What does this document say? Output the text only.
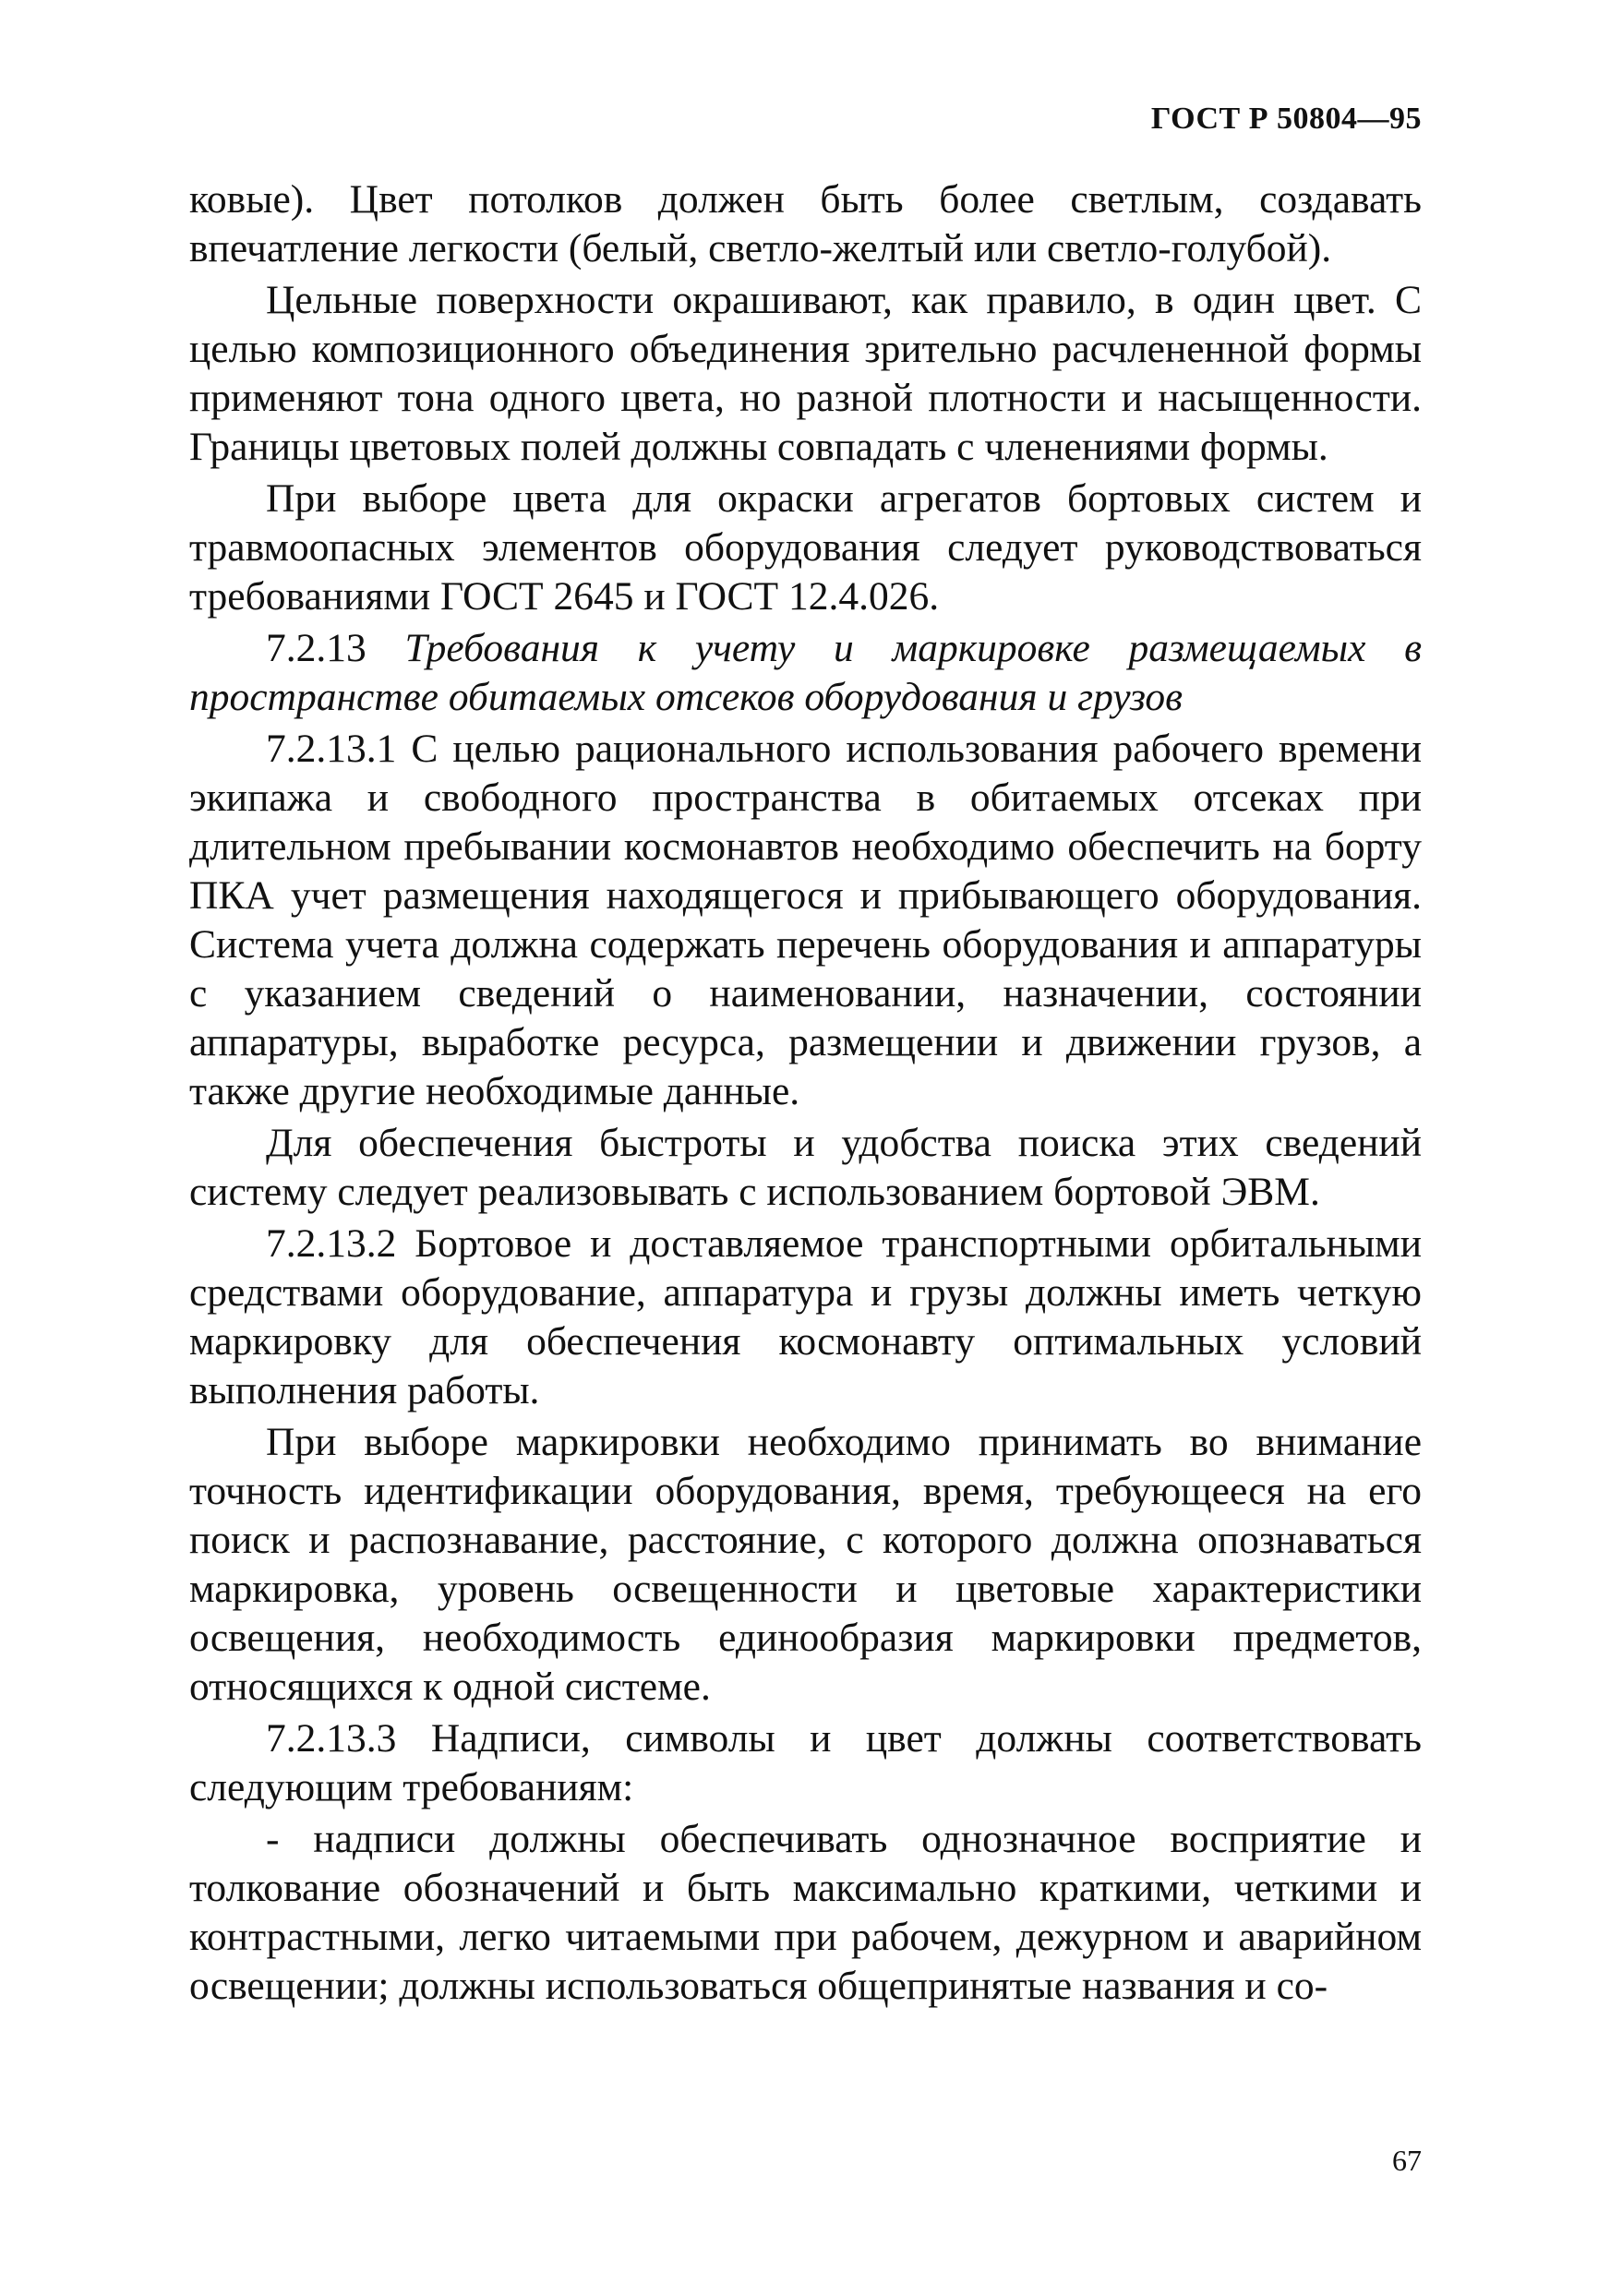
ГОСТ Р 50804—95

ковые). Цвет потолков должен быть более светлым, создавать впечатление легкости (белый, светло-желтый или светло-голубой).

Цельные поверхности окрашивают, как правило, в один цвет. С целью композиционного объединения зрительно расчлененной формы применяют тона одного цвета, но разной плотности и насыщенности. Границы цветовых полей должны совпадать с членениями формы.

При выборе цвета для окраски агрегатов бортовых систем и травмоопасных элементов оборудования следует руководствоваться требованиями ГОСТ 2645 и ГОСТ 12.4.026.

7.2.13 Требования к учету и маркировке размещаемых в пространстве обитаемых отсеков оборудования и грузов

7.2.13.1 С целью рационального использования рабочего времени экипажа и свободного пространства в обитаемых отсеках при длительном пребывании космонавтов необходимо обеспечить на борту ПКА учет размещения находящегося и прибывающего оборудования. Система учета должна содержать перечень оборудования и аппаратуры с указанием сведений о наименовании, назначении, состоянии аппаратуры, выработке ресурса, размещении и движении грузов, а также другие необходимые данные.

Для обеспечения быстроты и удобства поиска этих сведений систему следует реализовывать с использованием бортовой ЭВМ.

7.2.13.2 Бортовое и доставляемое транспортными орбитальными средствами оборудование, аппаратура и грузы должны иметь четкую маркировку для обеспечения космонавту оптимальных условий выполнения работы.

При выборе маркировки необходимо принимать во внимание точность идентификации оборудования, время, требующееся на его поиск и распознавание, расстояние, с которого должна опознаваться маркировка, уровень освещенности и цветовые характеристики освещения, необходимость единообразия маркировки предметов, относящихся к одной системе.

7.2.13.3 Надписи, символы и цвет должны соответствовать следующим требованиям:

- надписи должны обеспечивать однозначное восприятие и толкование обозначений и быть максимально краткими, четкими и контрастными, легко читаемыми при рабочем, дежурном и аварийном освещении; должны использоваться общепринятые названия и со-

67
